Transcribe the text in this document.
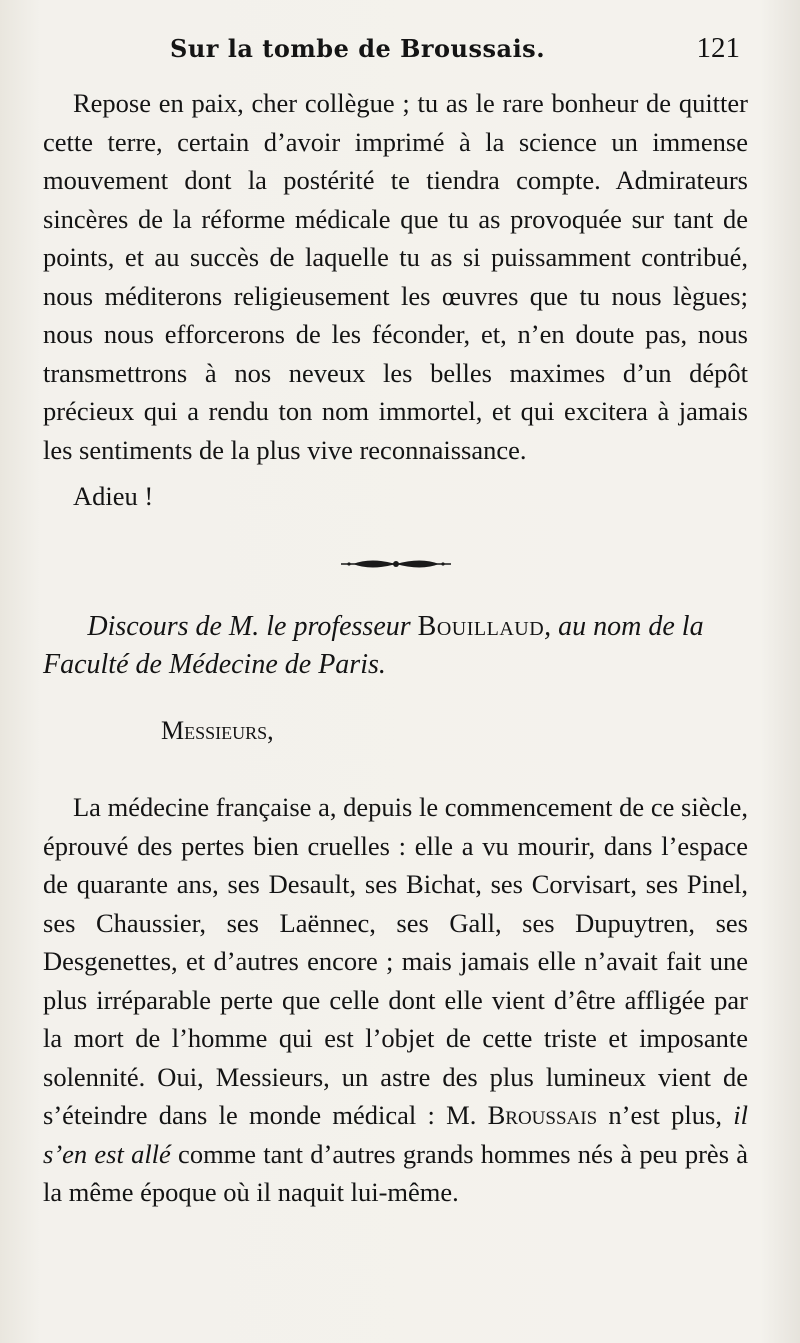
Sur la tombe de Broussais.	121

Repose en paix, cher collègue ; tu as le rare bonheur de quitter cette terre, certain d’avoir imprimé à la science un immense mouvement dont la postérité te tiendra compte. Admirateurs sincères de la réforme médicale que tu as provoquée sur tant de points, et au succès de laquelle tu as si puissamment contribué, nous méditerons religieusement les œuvres que tu nous lègues; nous nous efforcerons de les féconder, et, n’en doute pas, nous transmettrons à nos neveux les belles maximes d’un dépôt précieux qui a rendu ton nom immortel, et qui excitera à jamais les sentiments de la plus vive reconnaissance.

Adieu !

Discours de M. le professeur Bouillaud, au nom de la Faculté de Médecine de Paris.

Messieurs,

La médecine française a, depuis le commencement de ce siècle, éprouvé des pertes bien cruelles : elle a vu mourir, dans l’espace de quarante ans, ses Desault, ses Bichat, ses Corvisart, ses Pinel, ses Chaussier, ses Laënnec, ses Gall, ses Dupuytren, ses Desgenettes, et d’autres encore ; mais jamais elle n’avait fait une plus irréparable perte que celle dont elle vient d’être affligée par la mort de l’homme qui est l’objet de cette triste et imposante solennité. Oui, Messieurs, un astre des plus lumineux vient de s’éteindre dans le monde médical : M. Broussais n’est plus, il s’en est allé comme tant d’autres grands hommes nés à peu près à la même époque où il naquit lui-même.
